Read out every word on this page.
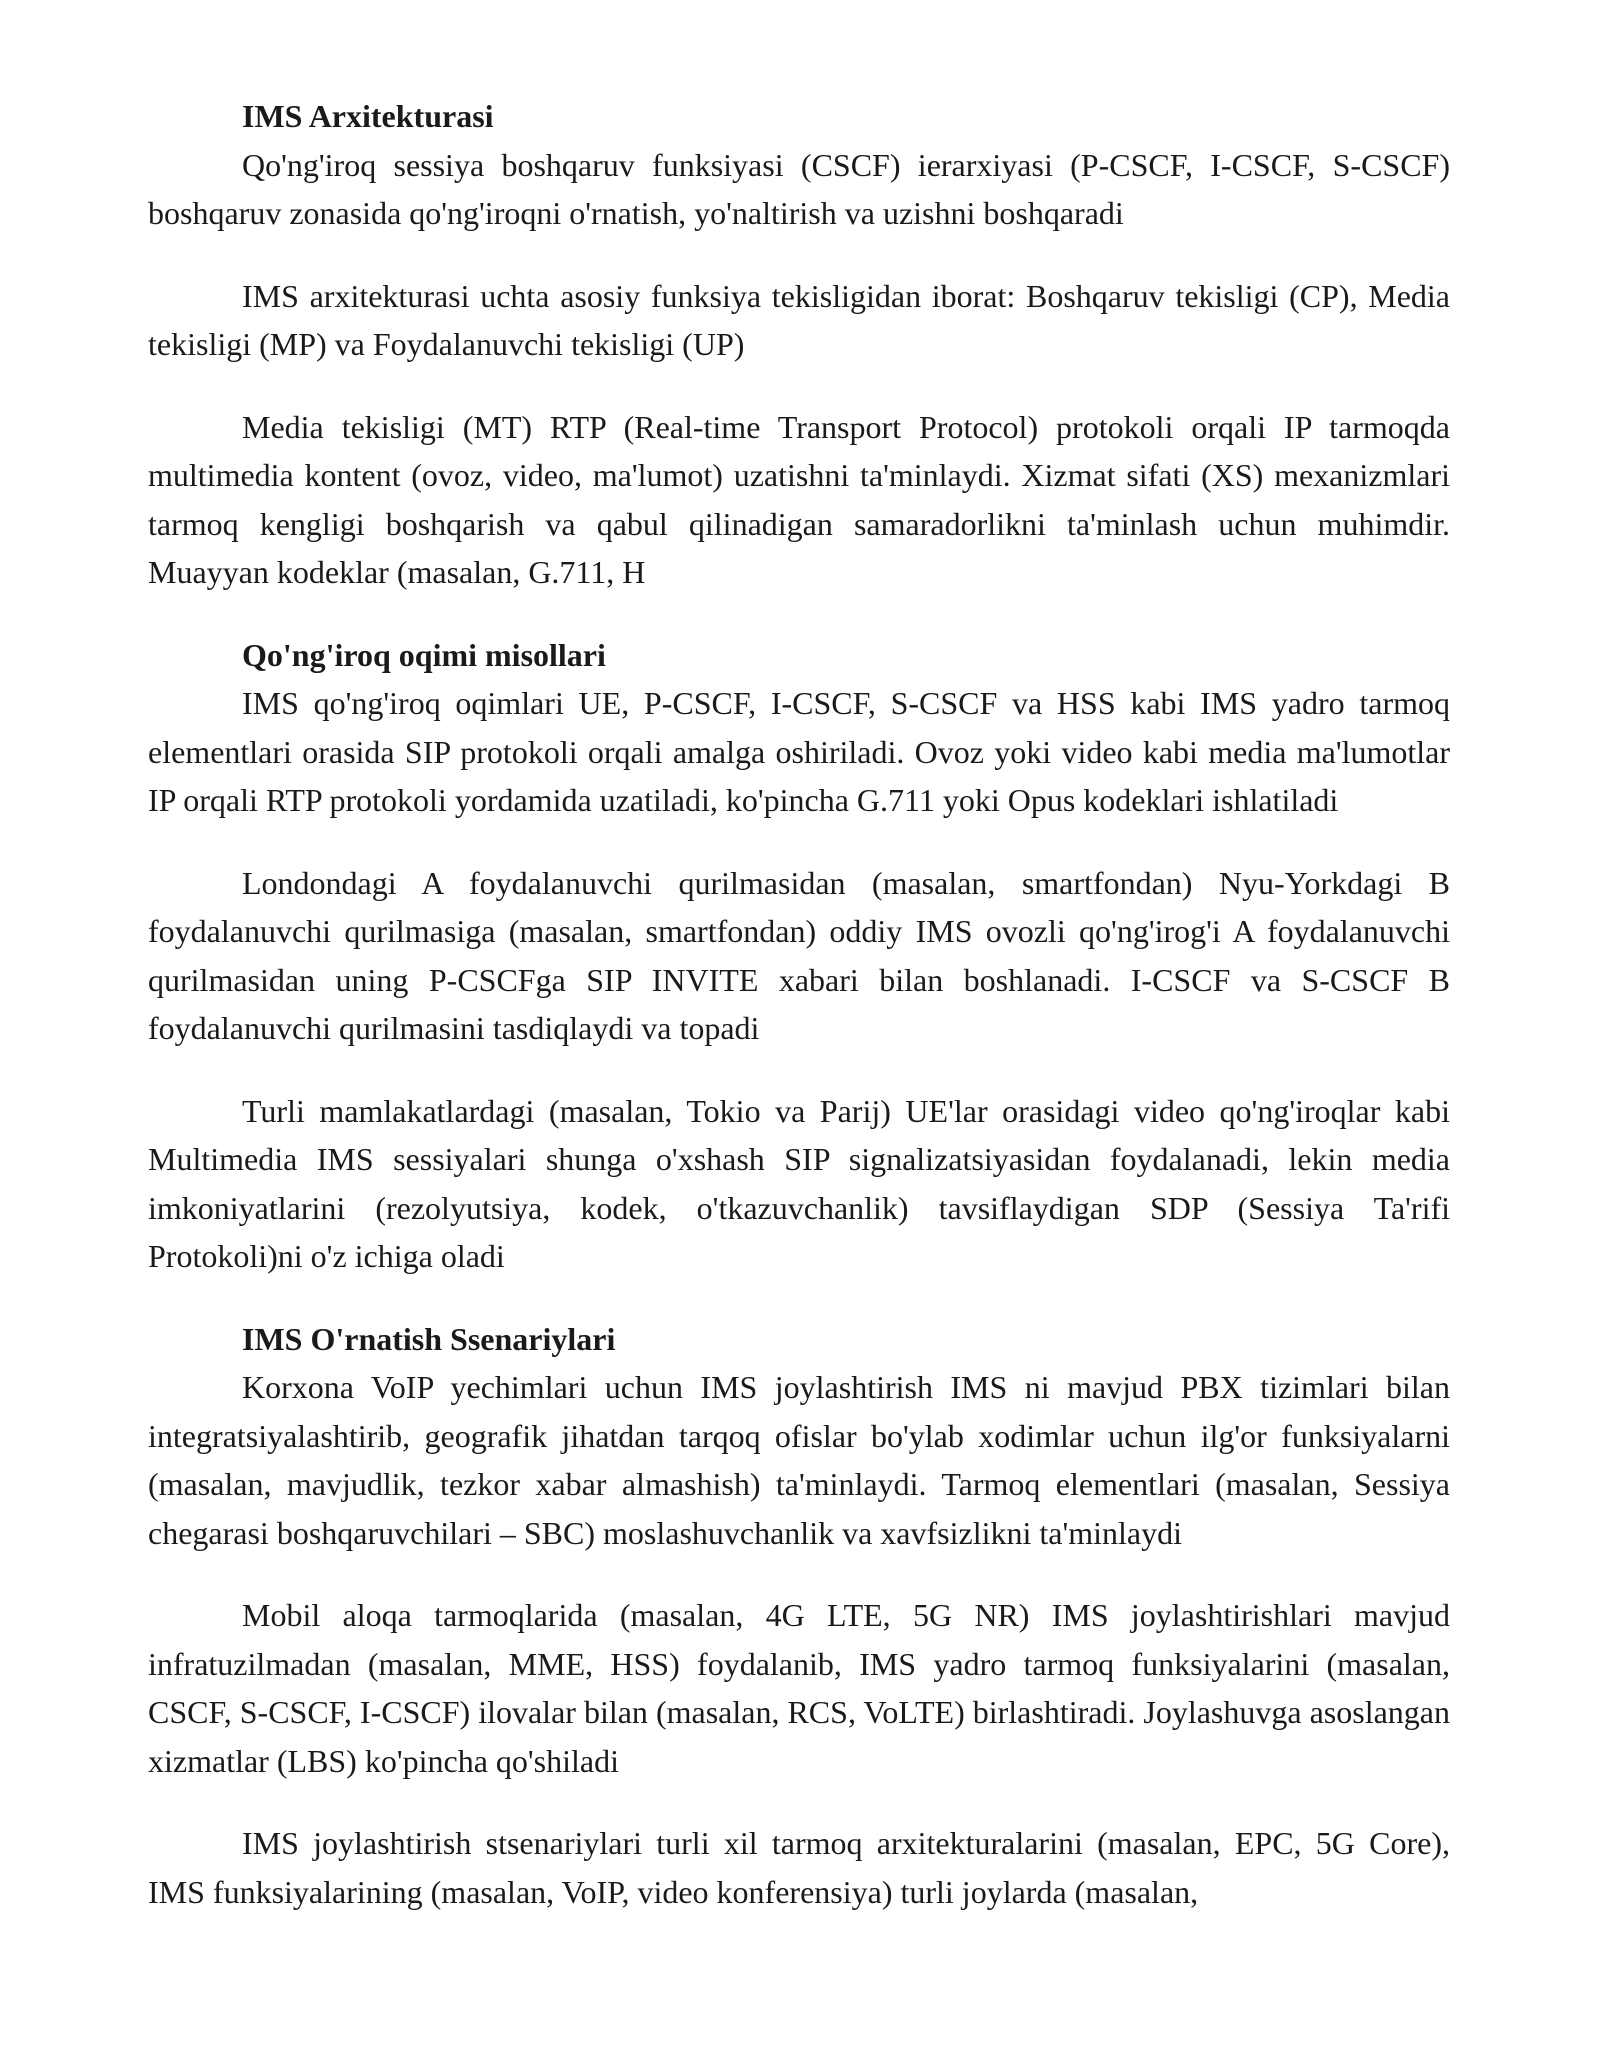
IMS Arxitekturasi

Qo'ng'iroq sessiya boshqaruv funksiyasi (CSCF) ierarxiyasi (P-CSCF, I-CSCF, S-CSCF) boshqaruv zonasida qo'ng'iroqni o'rnatish, yo'naltirish va uzishni boshqaradi

IMS arxitekturasi uchta asosiy funksiya tekisligidan iborat: Boshqaruv tekisligi (CP), Media tekisligi (MP) va Foydalanuvchi tekisligi (UP)

Media tekisligi (MT) RTP (Real-time Transport Protocol) protokoli orqali IP tarmoqda multimedia kontent (ovoz, video, ma'lumot) uzatishni ta'minlaydi. Xizmat sifati (XS) mexanizmlari tarmoq kengligi boshqarish va qabul qilinadigan samaradorlikni ta'minlash uchun muhimdir. Muayyan kodeklar (masalan, G.711, H

Qo'ng'iroq oqimi misollari

IMS qo'ng'iroq oqimlari UE, P-CSCF, I-CSCF, S-CSCF va HSS kabi IMS yadro tarmoq elementlari orasida SIP protokoli orqali amalga oshiriladi. Ovoz yoki video kabi media ma'lumotlar IP orqali RTP protokoli yordamida uzatiladi, ko'pincha G.711 yoki Opus kodeklari ishlatiladi

Londondagi A foydalanuvchi qurilmasidan (masalan, smartfondan) Nyu-Yorkdagi B foydalanuvchi qurilmasiga (masalan, smartfondan) oddiy IMS ovozli qo'ng'irog'i A foydalanuvchi qurilmasidan uning P-CSCFga SIP INVITE xabari bilan boshlanadi. I-CSCF va S-CSCF B foydalanuvchi qurilmasini tasdiqlaydi va topadi

Turli mamlakatlardagi (masalan, Tokio va Parij) UE'lar orasidagi video qo'ng'iroqlar kabi Multimedia IMS sessiyalari shunga o'xshash SIP signalizatsiyasidan foydalanadi, lekin media imkoniyatlarini (rezolyutsiya, kodek, o'tkazuvchanlik) tavsiflaydigan SDP (Sessiya Ta'rifi Protokoli)ni o'z ichiga oladi

IMS O'rnatish Ssenariylari

Korxona VoIP yechimlari uchun IMS joylashtirish IMS ni mavjud PBX tizimlari bilan integratsiyalashtirib, geografik jihatdan tarqoq ofislar bo'ylab xodimlar uchun ilg'or funksiyalarni (masalan, mavjudlik, tezkor xabar almashish) ta'minlaydi. Tarmoq elementlari (masalan, Sessiya chegarasi boshqaruvchilari – SBC) moslashuvchanlik va xavfsizlikni ta'minlaydi

Mobil aloqa tarmoqlarida (masalan, 4G LTE, 5G NR) IMS joylashtirishlari mavjud infratuzilmadan (masalan, MME, HSS) foydalanib, IMS yadro tarmoq funksiyalarini (masalan, CSCF, S-CSCF, I-CSCF) ilovalar bilan (masalan, RCS, VoLTE) birlashtiradi. Joylashuvga asoslangan xizmatlar (LBS) ko'pincha qo'shiladi

IMS joylashtirish stsenariylari turli xil tarmoq arxitekturalarini (masalan, EPC, 5G Core), IMS funksiyalarining (masalan, VoIP, video konferensiya) turli joylarda (masalan,
